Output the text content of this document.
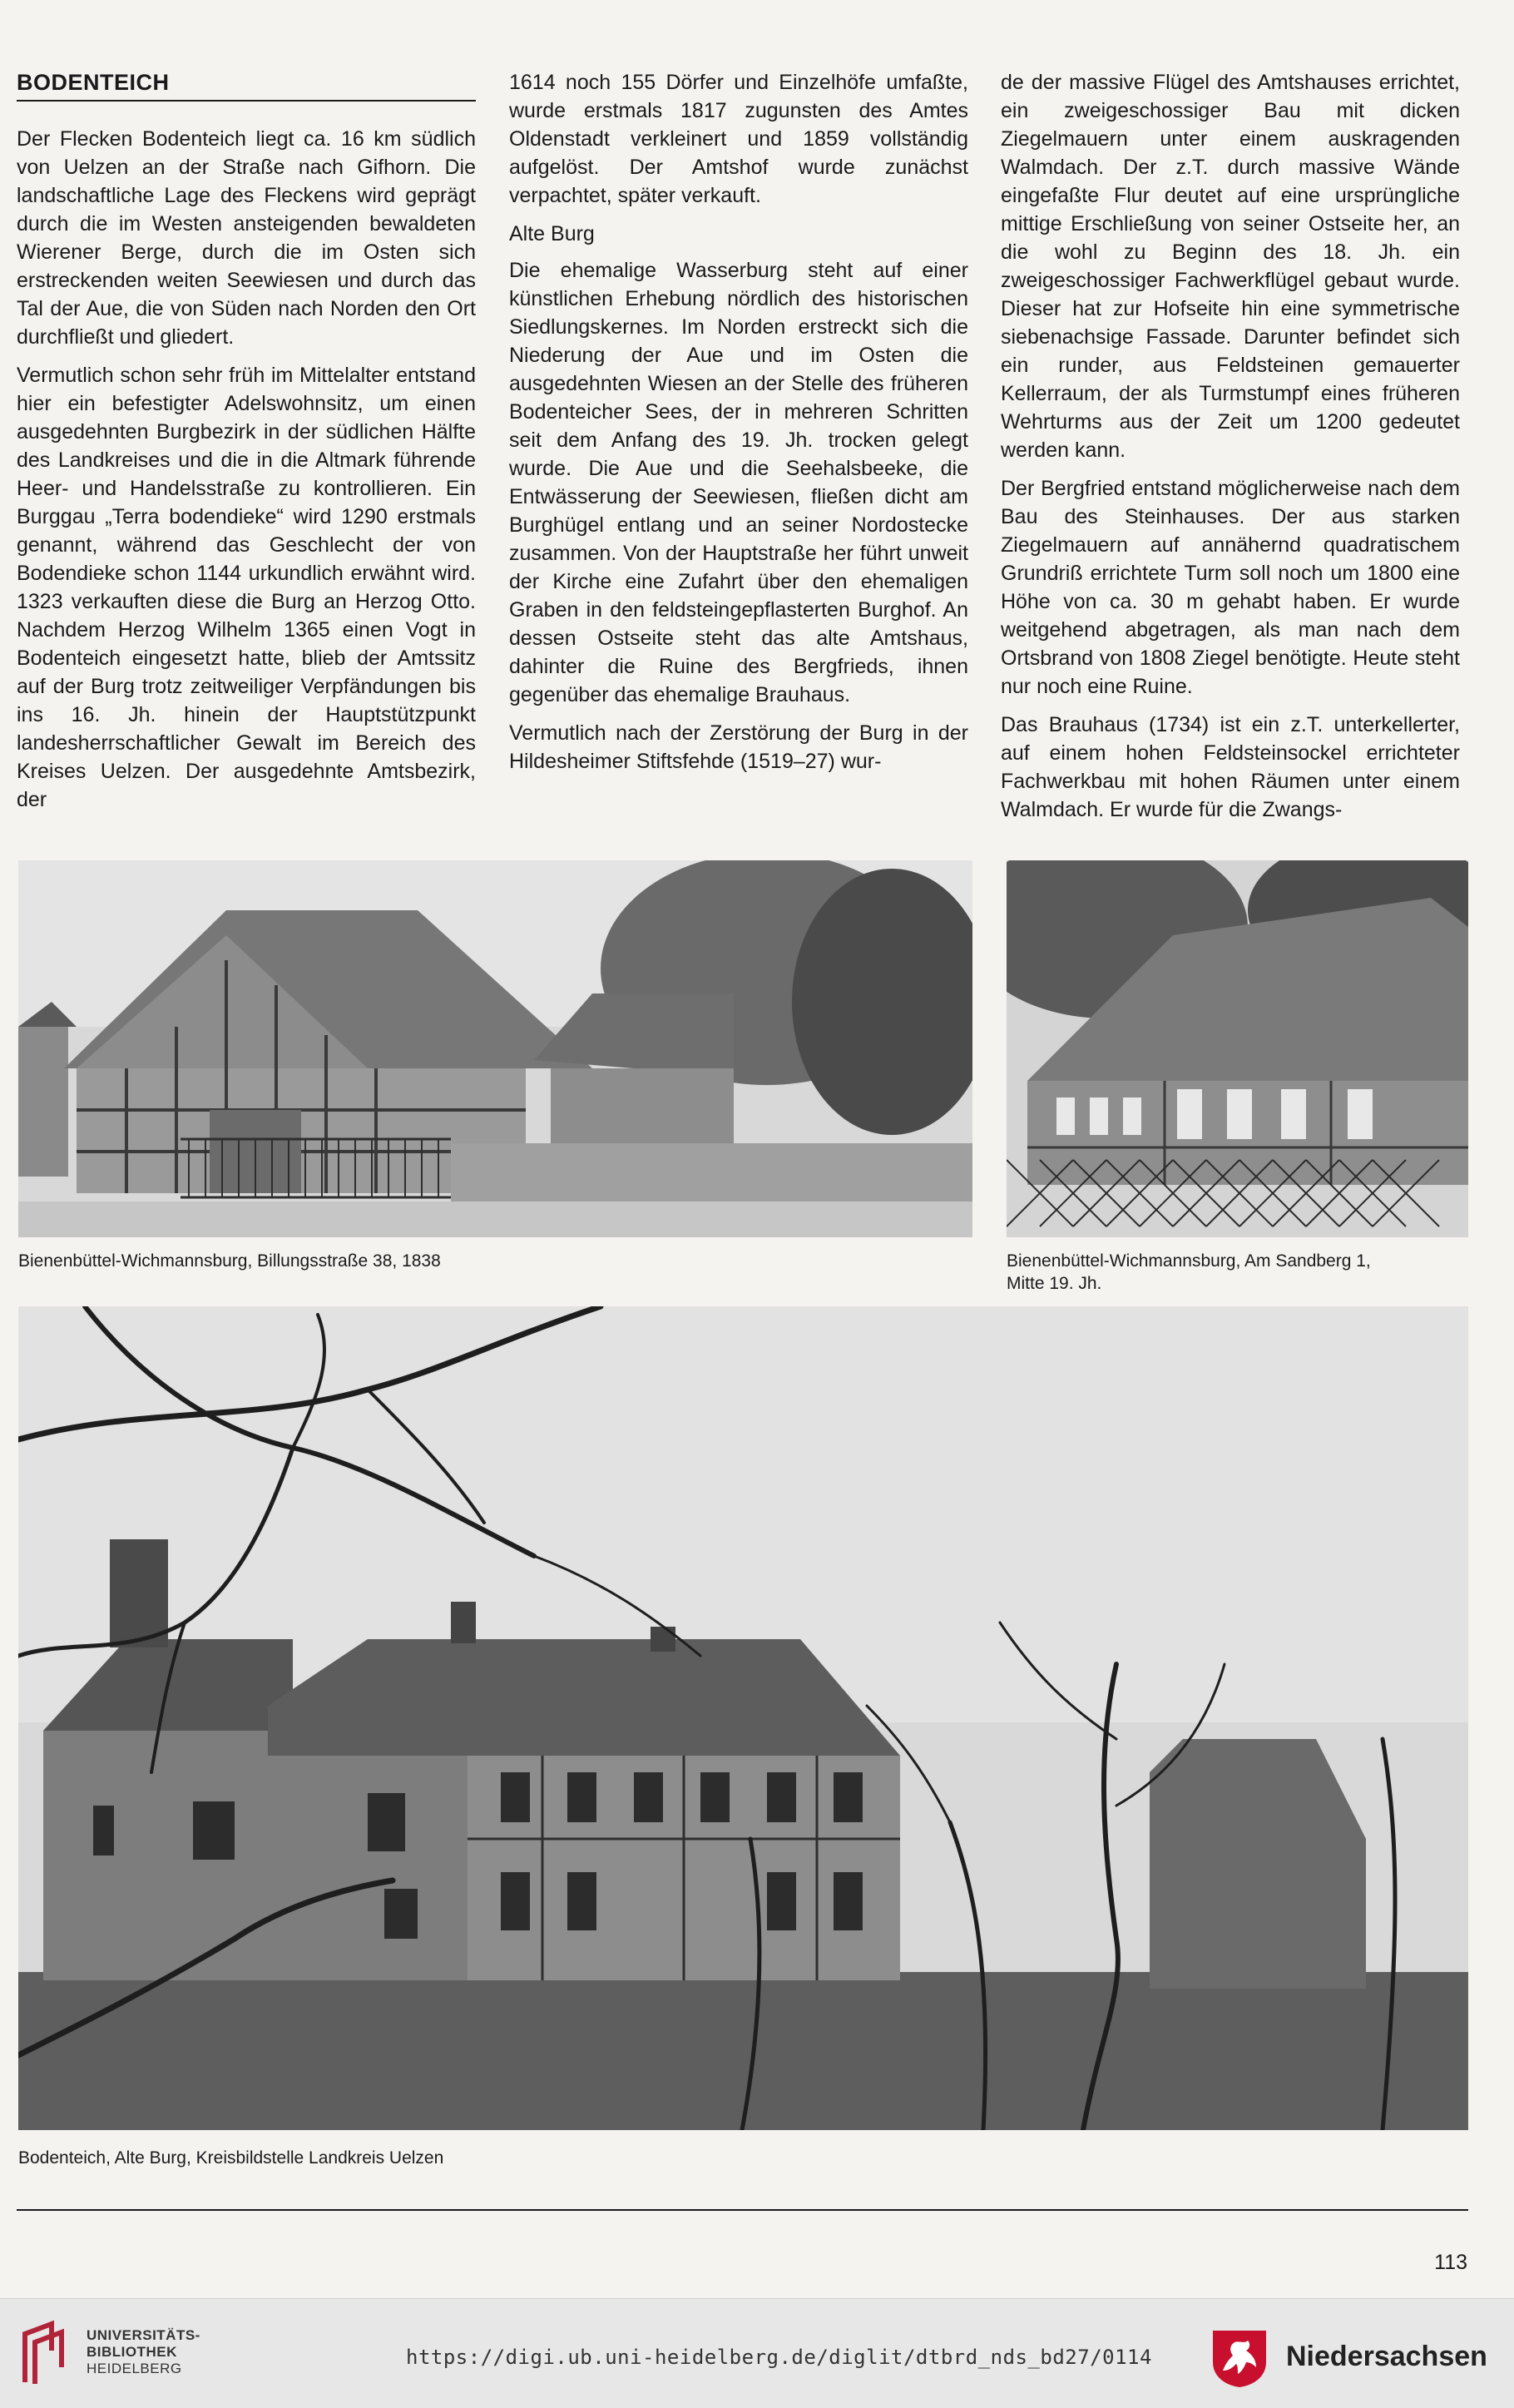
BODENTEICH

Der Flecken Bodenteich liegt ca. 16 km südlich von Uelzen an der Straße nach Gifhorn. Die landschaftliche Lage des Fleckens wird geprägt durch die im Westen ansteigenden bewaldeten Wierener Berge, durch die im Osten sich erstreckenden weiten Seewiesen und durch das Tal der Aue, die von Süden nach Norden den Ort durchfließt und gliedert.

Vermutlich schon sehr früh im Mittelalter entstand hier ein befestigter Adelswohnsitz, um einen ausgedehnten Burgbezirk in der südlichen Hälfte des Landkreises und die in die Altmark führende Heer- und Handelsstraße zu kontrollieren. Ein Burggau „Terra bodendieke“ wird 1290 erstmals genannt, während das Geschlecht der von Bodendieke schon 1144 urkundlich erwähnt wird. 1323 verkauften diese die Burg an Herzog Otto. Nachdem Herzog Wilhelm 1365 einen Vogt in Bodenteich eingesetzt hatte, blieb der Amtssitz auf der Burg trotz zeitweiliger Verpfändungen bis ins 16. Jh. hinein der Hauptstützpunkt landesherrschaftlicher Gewalt im Bereich des Kreises Uelzen. Der ausgedehnte Amtsbezirk, der

1614 noch 155 Dörfer und Einzelhöfe umfaßte, wurde erstmals 1817 zugunsten des Amtes Oldenstadt verkleinert und 1859 vollständig aufgelöst. Der Amtshof wurde zunächst verpachtet, später verkauft.

Alte Burg

Die ehemalige Wasserburg steht auf einer künstlichen Erhebung nördlich des historischen Siedlungskernes. Im Norden erstreckt sich die Niederung der Aue und im Osten die ausgedehnten Wiesen an der Stelle des früheren Bodenteicher Sees, der in mehreren Schritten seit dem Anfang des 19. Jh. trocken gelegt wurde. Die Aue und die Seehalsbeeke, die Entwässerung der Seewiesen, fließen dicht am Burghügel entlang und an seiner Nordostecke zusammen. Von der Hauptstraße her führt unweit der Kirche eine Zufahrt über den ehemaligen Graben in den feldsteingepflasterten Burghof. An dessen Ostseite steht das alte Amtshaus, dahinter die Ruine des Bergfrieds, ihnen gegenüber das ehemalige Brauhaus.

Vermutlich nach der Zerstörung der Burg in der Hildesheimer Stiftsfehde (1519–27) wur-

de der massive Flügel des Amtshauses errichtet, ein zweigeschossiger Bau mit dicken Ziegelmauern unter einem auskragenden Walmdach. Der z.T. durch massive Wände eingefaßte Flur deutet auf eine ursprüngliche mittige Erschließung von seiner Ostseite her, an die wohl zu Beginn des 18. Jh. ein zweigeschossiger Fachwerkflügel gebaut wurde. Dieser hat zur Hofseite hin eine symmetrische siebenachsige Fassade. Darunter befindet sich ein runder, aus Feldsteinen gemauerter Kellerraum, der als Turmstumpf eines früheren Wehrturms aus der Zeit um 1200 gedeutet werden kann.

Der Bergfried entstand möglicherweise nach dem Bau des Steinhauses. Der aus starken Ziegelmauern auf annähernd quadratischem Grundriß errichtete Turm soll noch um 1800 eine Höhe von ca. 30 m gehabt haben. Er wurde weitgehend abgetragen, als man nach dem Ortsbrand von 1808 Ziegel benötigte. Heute steht nur noch eine Ruine.

Das Brauhaus (1734) ist ein z.T. unterkellerter, auf einem hohen Feldsteinsockel errichteter Fachwerkbau mit hohen Räumen unter einem Walmdach. Er wurde für die Zwangs-

Bienenbüttel-Wichmannsburg, Billungsstraße 38, 1838	Bienenbüttel-Wichmannsburg, Am Sandberg 1,
Mitte 19. Jh.
Bodenteich, Alte Burg, Kreisbildstelle Landkreis Uelzen
113
UNIVERSITÄTS-
BIBLIOTHEK
HEIDELBERG	https://digi.ub.uni-heidelberg.de/diglit/dtbrd_nds_bd27/0114	Niedersachsen
